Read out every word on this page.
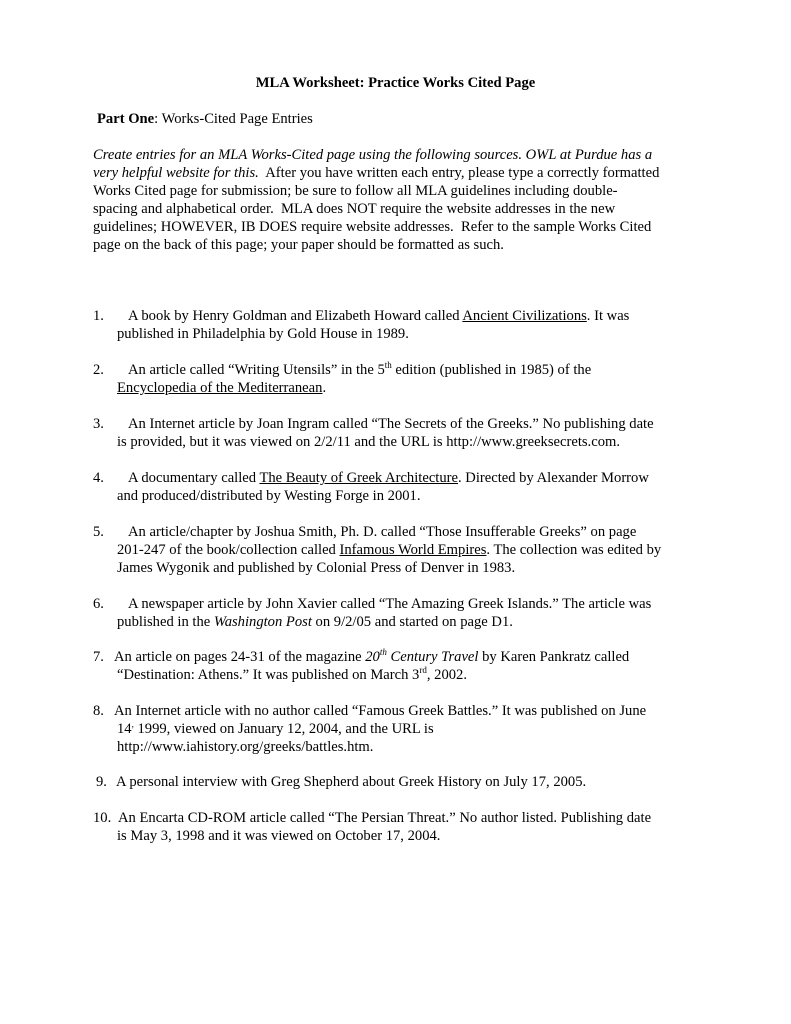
MLA Worksheet: Practice Works Cited Page
Part One: Works-Cited Page Entries

Create entries for an MLA Works-Cited page using the following sources. OWL at Purdue has a

very helpful website for this.  After you have written each entry, please type a correctly formatted

Works Cited page for submission; be sure to follow all MLA guidelines including double-

spacing and alphabetical order.  MLA does NOT require the website addresses in the new

guidelines; HOWEVER, IB DOES require website addresses.  Refer to the sample Works Cited

page on the back of this page; your paper should be formatted as such.

1. A book by Henry Goldman and Elizabeth Howard called Ancient Civilizations. It was
published in Philadelphia by Gold House in 1989.
2. An article called “Writing Utensils” in the 5th edition (published in 1985) of the
Encyclopedia of the Mediterranean.
3. An Internet article by Joan Ingram called “The Secrets of the Greeks.” No publishing date
is provided, but it was viewed on 2/2/11 and the URL is http://www.greeksecrets.com.
4. A documentary called The Beauty of Greek Architecture. Directed by Alexander Morrow
and produced/distributed by Westing Forge in 2001.
5. An article/chapter by Joshua Smith, Ph. D. called “Those Insufferable Greeks” on page
201-247 of the book/collection called Infamous World Empires. The collection was edited by
James Wygonik and published by Colonial Press of Denver in 1983.
6. A newspaper article by John Xavier called “The Amazing Greek Islands.” The article was
published in the Washington Post on 9/2/05 and started on page D1.
7. An article on pages 24-31 of the magazine 20th Century Travel by Karen Pankratz called
“Destination: Athens.” It was published on March 3rd, 2002.
8. An Internet article with no author called “Famous Greek Battles.” It was published on June
14, 1999, viewed on January 12, 2004, and the URL is
http://www.iahistory.org/greeks/battles.htm.
9. A personal interview with Greg Shepherd about Greek History on July 17, 2005.
10. An Encarta CD-ROM article called “The Persian Threat.” No author listed. Publishing date
is May 3, 1998 and it was viewed on October 17, 2004.
